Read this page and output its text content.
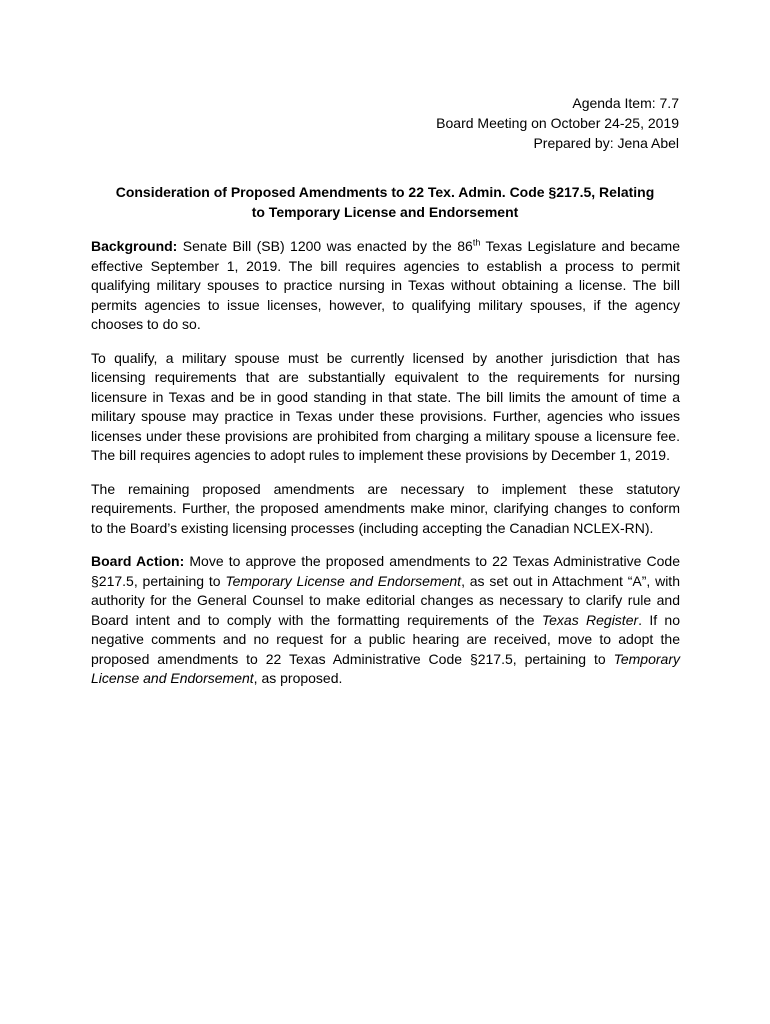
Agenda Item: 7.7
Board Meeting on October 24-25, 2019
Prepared by: Jena Abel
Consideration of Proposed Amendments to 22 Tex. Admin. Code §217.5, Relating
to Temporary License and Endorsement

Background: Senate Bill (SB) 1200 was enacted by the 86th Texas Legislature and became effective September 1, 2019. The bill requires agencies to establish a process to permit qualifying military spouses to practice nursing in Texas without obtaining a license. The bill permits agencies to issue licenses, however, to qualifying military spouses, if the agency chooses to do so.

To qualify, a military spouse must be currently licensed by another jurisdiction that has licensing requirements that are substantially equivalent to the requirements for nursing licensure in Texas and be in good standing in that state. The bill limits the amount of time a military spouse may practice in Texas under these provisions. Further, agencies who issues licenses under these provisions are prohibited from charging a military spouse a licensure fee. The bill requires agencies to adopt rules to implement these provisions by December 1, 2019.

The remaining proposed amendments are necessary to implement these statutory requirements. Further, the proposed amendments make minor, clarifying changes to conform to the Board’s existing licensing processes (including accepting the Canadian NCLEX-RN).

Board Action: Move to approve the proposed amendments to 22 Texas Administrative Code §217.5, pertaining to Temporary License and Endorsement, as set out in Attachment “A”, with authority for the General Counsel to make editorial changes as necessary to clarify rule and Board intent and to comply with the formatting requirements of the Texas Register. If no negative comments and no request for a public hearing are received, move to adopt the proposed amendments to 22 Texas Administrative Code §217.5, pertaining to Temporary License and Endorsement, as proposed.
